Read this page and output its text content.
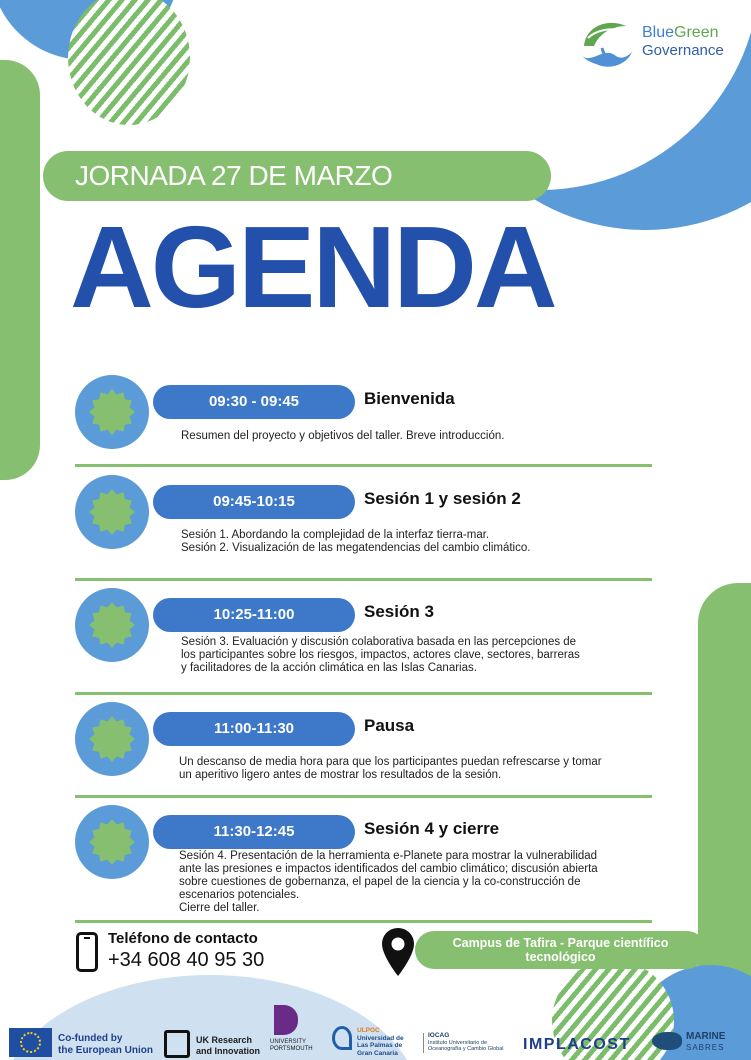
BlueGreen
Governance
JORNADA 27 DE MARZO
AGENDA
09:30 - 09:45	Bienvenida
Resumen del proyecto y objetivos del taller. Breve introducción.
09:45-10:15	Sesión 1 y sesión 2
Sesión 1. Abordando la complejidad de la interfaz tierra-mar.
Sesión 2. Visualización de las megatendencias del cambio climático.
10:25-11:00	Sesión 3
Sesión 3. Evaluación y discusión colaborativa basada en las percepciones de
los participantes sobre los riesgos, impactos, actores clave, sectores, barreras
y facilitadores de la acción climática en las Islas Canarias.
11:00-11:30	Pausa
Un descanso de media hora para que los participantes puedan refrescarse y tomar
un aperitivo ligero antes de mostrar los resultados de la sesión.
11:30-12:45	Sesión 4 y cierre
Sesión 4. Presentación de la herramienta e-Planete para mostrar la vulnerabilidad
ante las presiones e impactos identificados del cambio climático; discusión abierta
sobre cuestiones de gobernanza, el papel de la ciencia y la co-construcción de
escenarios potenciales.
Cierre del taller.
Teléfono de contacto
+34 608 40 95 30
Campus de Tafira - Parque científico
tecnológico
Co-funded by
the European Union
UK Research
and Innovation
UNIVERSITY
PORTSMOUTH
ULPGC
Universidad de
Las Palmas de
Gran Canaria
IOCAG
Instituto Universitario de
Oceanografía y Cambio Global IMPLACOST	MARINE
SABRES
